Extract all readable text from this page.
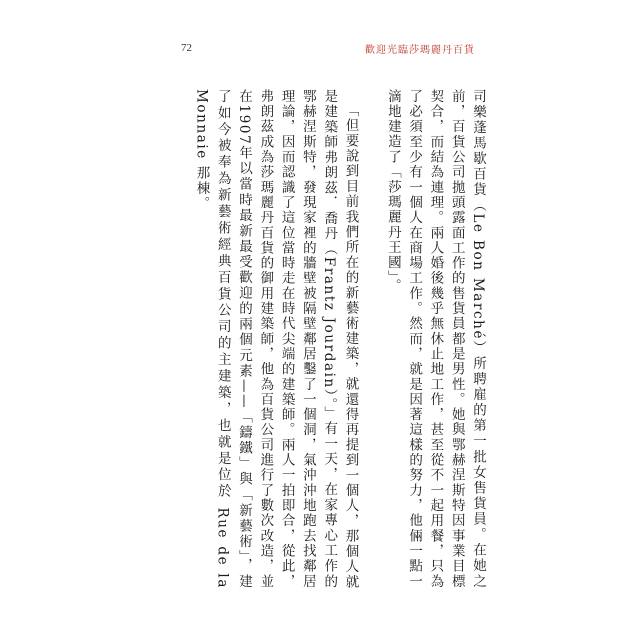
72	歡迎光臨莎瑪麗丹百貨

司樂蓬馬歇百貨（Le Bon Marché）所聘雇的第一批女售貨員。在她之前，百貨公司拋頭露面工作的售貨員都是男性。她與鄂赫涅斯特因事業目標契合，而結為連理。兩人婚後幾乎無休止地工作，甚至從不一起用餐，只為了必須至少有一個人在商場工作。然而，就是因著這樣的努力，他倆一點一滴地建造了「莎瑪麗丹王國」。

「但要說到目前我們所在的新藝術建築，就還得再提到一個人，那個人就是建築師弗朗茲．喬丹（Frantz Jourdain）。」有一天，在家專心工作的鄂赫涅斯特，發現家裡的牆壁被隔壁鄰居鑿了一個洞，氣沖沖地跑去找鄰居理論，因而認識了這位當時走在時代尖端的建築師。兩人一拍即合，從此，弗朗茲成為莎瑪麗丹百貨的御用建築師，他為百貨公司進行了數次改造，並在1907年以當時最新最受歡迎的兩個元素——「鑄鐵」與「新藝術」，建了如今被奉為新藝術經典百貨公司的主建築，也就是位於 Rue de la Monnaie 那棟。
